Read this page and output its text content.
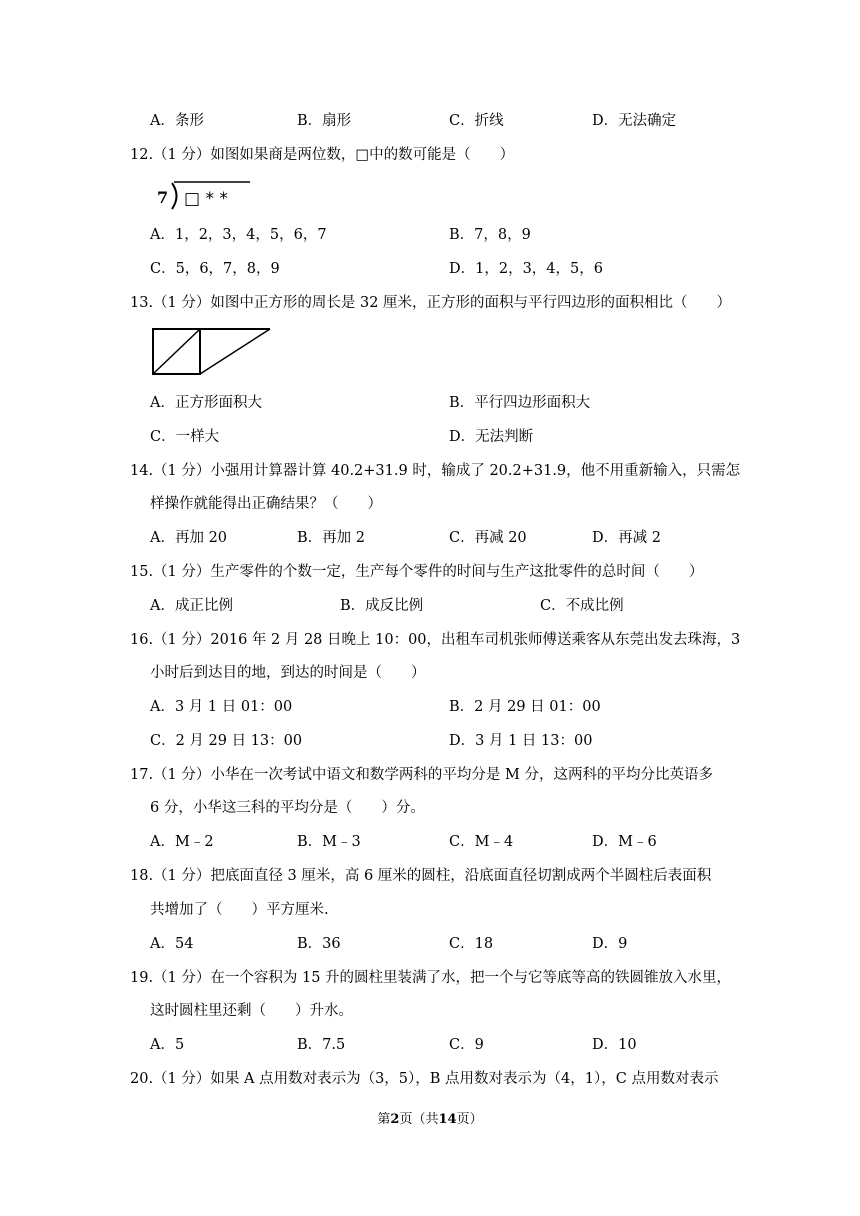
A．条形	B．扇形	C．折线	D．无法确定
12.（1 分）如图如果商是两位数，□中的数可能是（　　）
7 □ * *
A．1，2，3，4，5，6，7	B．7，8，9
C．5，6，7，8，9	D．1，2，3，4，5，6
13.（1 分）如图中正方形的周长是 32 厘米，正方形的面积与平行四边形的面积相比（　　）
A．正方形面积大	B．平行四边形面积大
C．一样大	D．无法判断
14.（1 分）小强用计算器计算 40.2+31.9 时，输成了 20.2+31.9，他不用重新输入，只需怎
样操作就能得出正确结果？（　　）
A．再加 20	B．再加 2	C．再减 20	D．再减 2
15.（1 分）生产零件的个数一定，生产每个零件的时间与生产这批零件的总时间（　　）
A．成正比例	B．成反比例	C．不成比例
16.（1 分）2016 年 2 月 28 日晚上 10：00，出租车司机张师傅送乘客从东莞出发去珠海，3
小时后到达目的地，到达的时间是（　　）
A．3 月 1 日 01：00	B．2 月 29 日 01：00
C．2 月 29 日 13：00	D．3 月 1 日 13：00
17.（1 分）小华在一次考试中语文和数学两科的平均分是 M 分，这两科的平均分比英语多
6 分，小华这三科的平均分是（　　）分。
A．M﹣2	B．M﹣3	C．M﹣4	D．M﹣6
18.（1 分）把底面直径 3 厘米，高 6 厘米的圆柱，沿底面直径切割成两个半圆柱后表面积
共增加了（　　）平方厘米.
A．54	B．36	C．18	D．9
19.（1 分）在一个容积为 15 升的圆柱里装满了水，把一个与它等底等高的铁圆锥放入水里，
这时圆柱里还剩（　　）升水。
A．5	B．7.5	C．9	D．10
20.（1 分）如果 A 点用数对表示为（3，5），B 点用数对表示为（4，1），C 点用数对表示
第2页（共14页）
